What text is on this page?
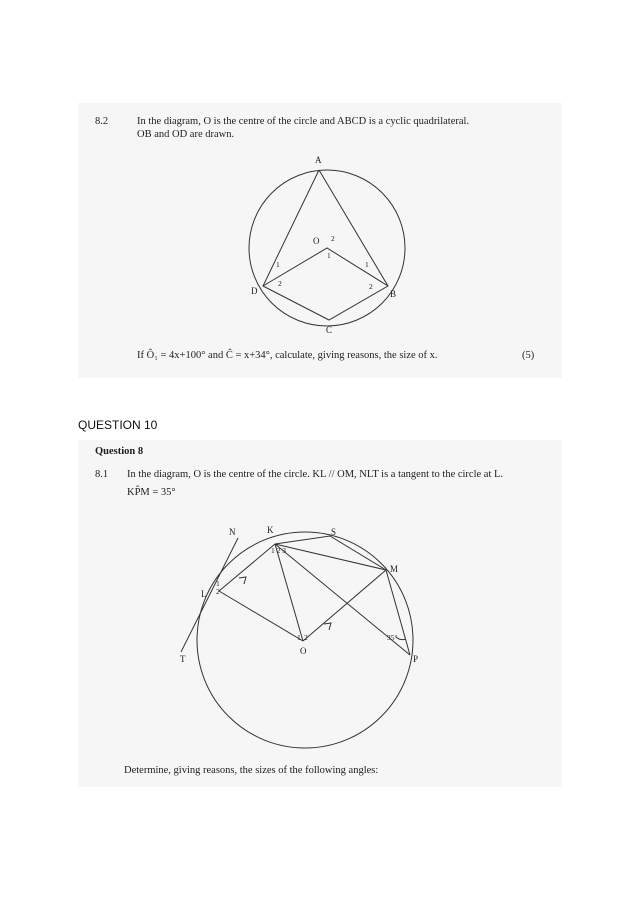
8.2	In the diagram, O is the centre of the circle and ABCD is a cyclic quadrilateral.
OB and OD are drawn.
If Ô₁ = 4x+100° and Ĉ = x+34°, calculate, giving reasons, the size of x.	(5)
A
B
C
D
O
1
2
1
2
1
2
QUESTION 10
Question 8
8.1 In the diagram, O is the centre of the circle. KL // OM, NLT is a tangent to the circle at L.
KP̂M = 35°
Determine, giving reasons, the sizes of the following angles:
N	K	S
M
L
T
O
P
35°
1 2 3
1
2
1 2
